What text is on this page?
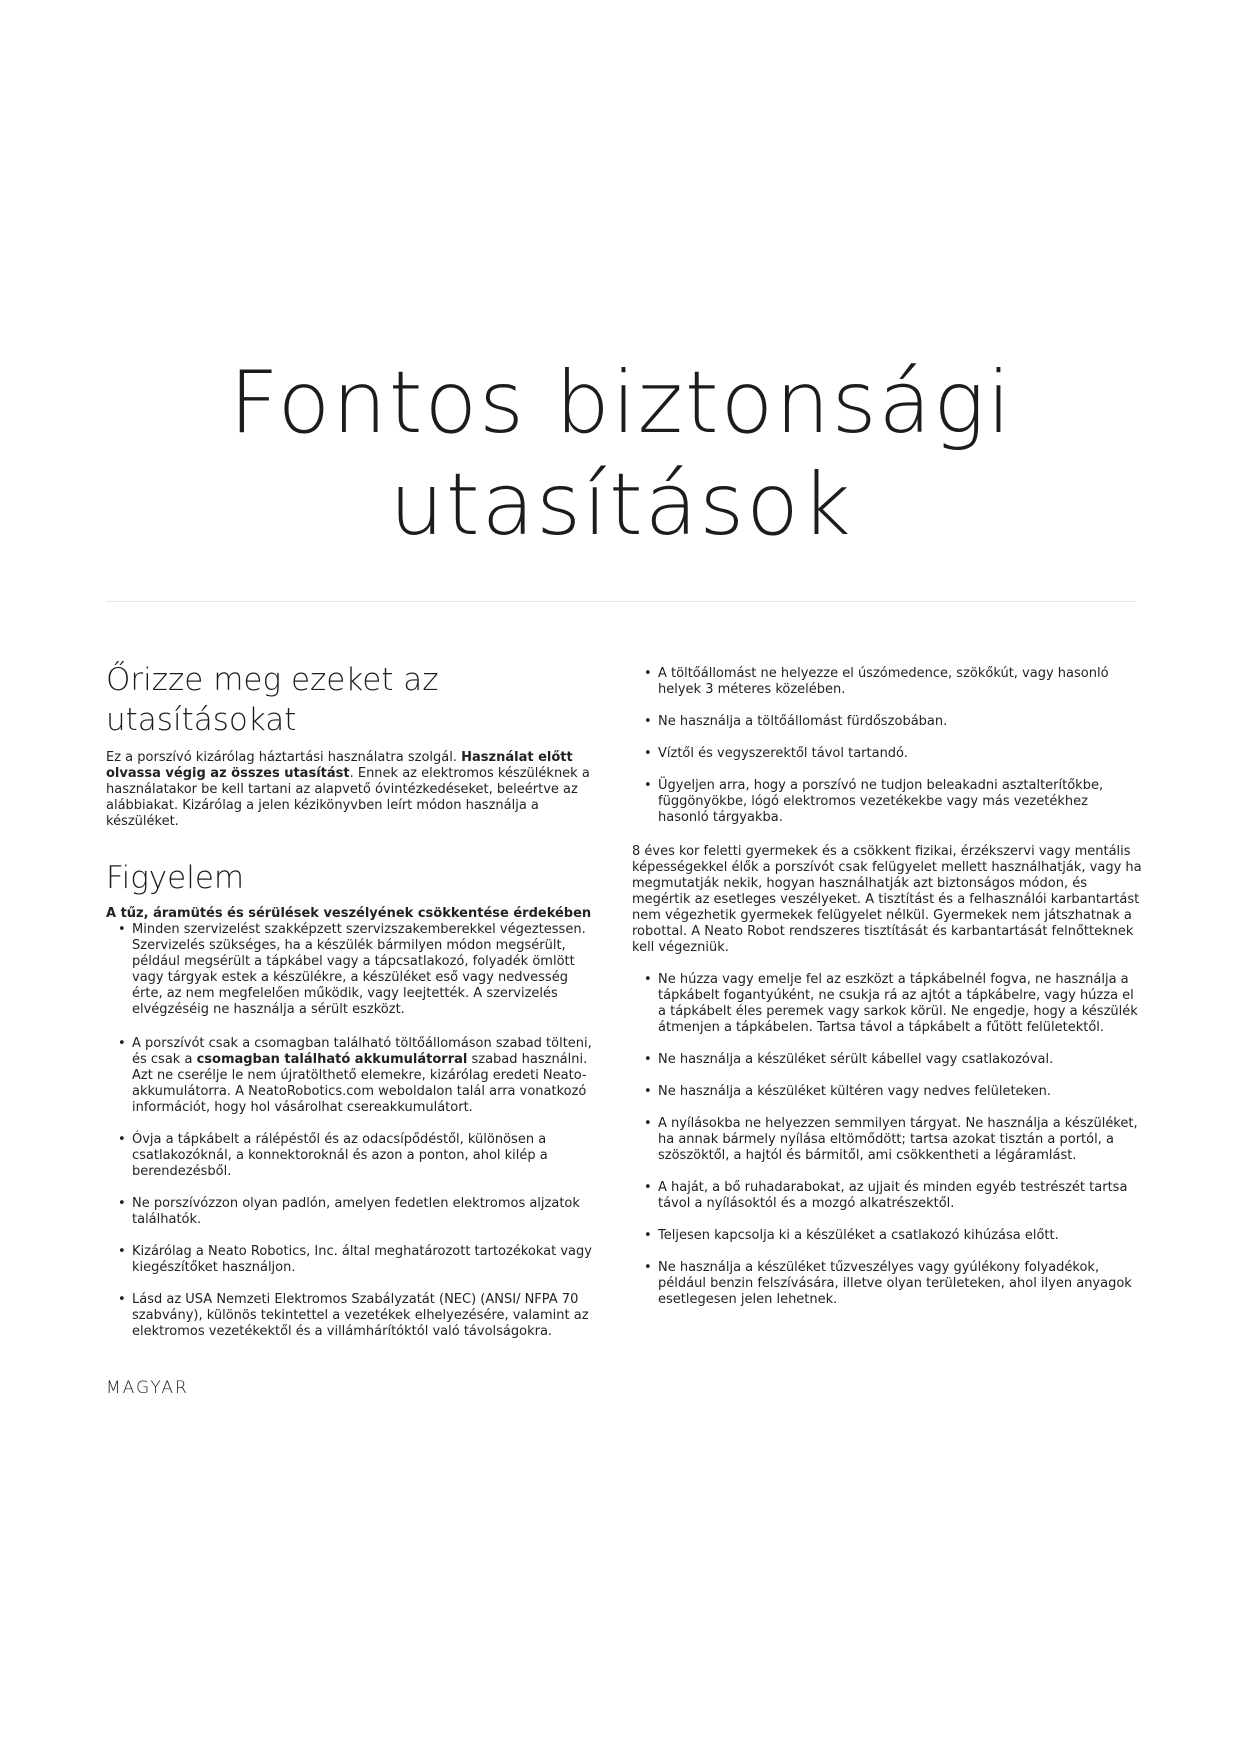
Fontos biztonsági
utasítások
Őrizze meg ezeket az utasításokat

Ez a porszívó kizárólag háztartási használatra szolgál. Használat előtt olvassa végig az összes utasítást. Ennek az elektromos készüléknek a használatakor be kell tartani az alapvető óvintézkedéseket, beleértve az alábbiakat. Kizárólag a jelen kézikönyvben leírt módon használja a készüléket.

Figyelem
A tűz, áramütés és sérülések veszélyének csökkentése érdekében
• Minden szervizelést szakképzett szervizszakemberekkel végeztessen. Szervizelés szükséges, ha a készülék bármilyen módon megsérült, például megsérült a tápkábel vagy a tápcsatlakozó, folyadék ömlött vagy tárgyak estek a készülékre, a készüléket eső vagy nedvesség érte, az nem megfelelően működik, vagy leejtették. A szervizelés elvégzéséig ne használja a sérült eszközt.
• A porszívót csak a csomagban található töltőállomáson szabad tölteni, és csak a csomagban található akkumulátorral szabad használni. Azt ne cserélje le nem újratölthető elemekre, kizárólag eredeti Neato-akkumulátorra. A NeatoRobotics.com weboldalon talál arra vonatkozó információt, hogy hol vásárolhat csereakkumulátort.
• Óvja a tápkábelt a rálépéstől és az odacsípődéstől, különösen a csatlakozóknál, a konnektoroknál és azon a ponton, ahol kilép a berendezésből.
• Ne porszívózzon olyan padlón, amelyen fedetlen elektromos aljzatok találhatók.
• Kizárólag a Neato Robotics, Inc. által meghatározott tartozékokat vagy kiegészítőket használjon.
• Lásd az USA Nemzeti Elektromos Szabályzatát (NEC) (ANSI/ NFPA 70 szabvány), különös tekintettel a vezetékek elhelyezésére, valamint az elektromos vezetékektől és a villámhárítóktól való távolságokra.
• A töltőállomást ne helyezze el úszómedence, szökőkút, vagy hasonló helyek 3 méteres közelében.
• Ne használja a töltőállomást fürdőszobában.
• Víztől és vegyszerektől távol tartandó.
• Ügyeljen arra, hogy a porszívó ne tudjon beleakadni asztalterítőkbe, függönyökbe, lógó elektromos vezetékekbe vagy más vezetékhez hasonló tárgyakba.

8 éves kor feletti gyermekek és a csökkent fizikai, érzékszervi vagy mentális képességekkel élők a porszívót csak felügyelet mellett használhatják, vagy ha megmutatják nekik, hogyan használhatják azt biztonságos módon, és megértik az esetleges veszélyeket. A tisztítást és a felhasználói karbantartást nem végezhetik gyermekek felügyelet nélkül. Gyermekek nem játszhatnak a robottal. A Neato Robot rendszeres tisztítását és karbantartását felnőtteknek kell végezniük.

• Ne húzza vagy emelje fel az eszközt a tápkábelnél fogva, ne használja a tápkábelt fogantyúként, ne csukja rá az ajtót a tápkábelre, vagy húzza el a tápkábelt éles peremek vagy sarkok körül. Ne engedje, hogy a készülék átmenjen a tápkábelen. Tartsa távol a tápkábelt a fűtött felületektől.
• Ne használja a készüléket sérült kábellel vagy csatlakozóval.
• Ne használja a készüléket kültéren vagy nedves felületeken.
• A nyílásokba ne helyezzen semmilyen tárgyat. Ne használja a készüléket, ha annak bármely nyílása eltömődött; tartsa azokat tisztán a portól, a szöszöktől, a hajtól és bármitől, ami csökkentheti a légáramlást.
• A haját, a bő ruhadarabokat, az ujjait és minden egyéb testrészét tartsa távol a nyílásoktól és a mozgó alkatrészektől.
• Teljesen kapcsolja ki a készüléket a csatlakozó kihúzása előtt.
• Ne használja a készüléket tűzveszélyes vagy gyúlékony folyadékok, például benzin felszívására, illetve olyan területeken, ahol ilyen anyagok esetlegesen jelen lehetnek.
MAGYAR
